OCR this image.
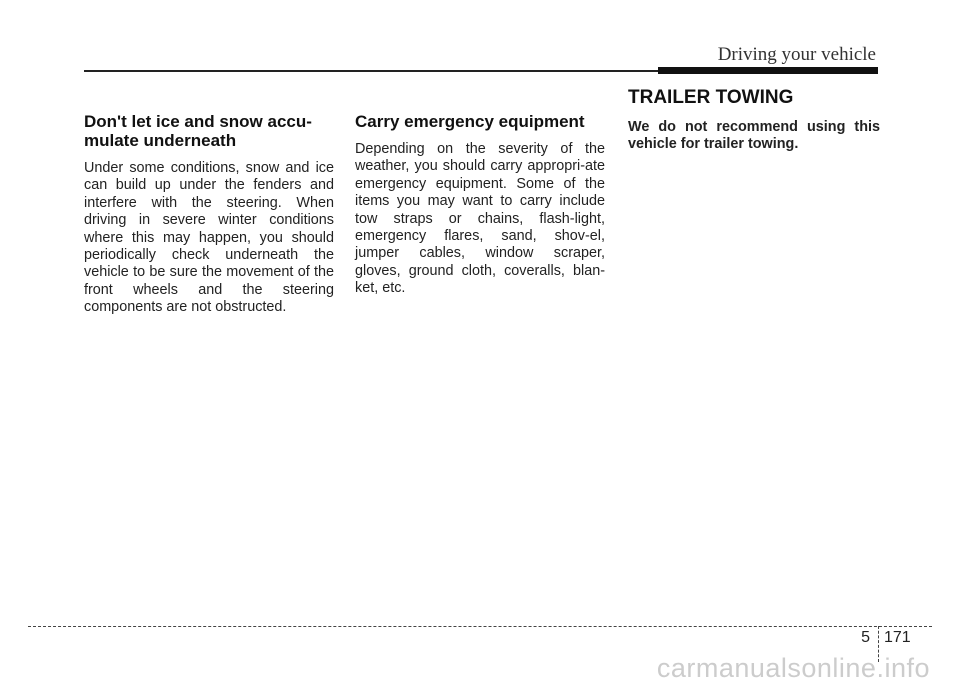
Driving your vehicle
Don't let ice and snow accu-
mulate underneath

Under some conditions, snow and ice can build up under the fenders and interfere with the steering. When driving in severe winter conditions where this may happen, you should periodically check underneath the vehicle to be sure the movement of the front wheels and the steering components are not obstructed.

Carry emergency equipment

Depending on the severity of the weather, you should carry appropri-ate emergency equipment. Some of the items you may want to carry include tow straps or chains, flash-light, emergency flares, sand, shov-el, jumper cables, window scraper, gloves, ground cloth, coveralls, blan-ket, etc.

TRAILER TOWING

We do not recommend using this vehicle for trailer towing.

5 171
carmanualsonline.info
